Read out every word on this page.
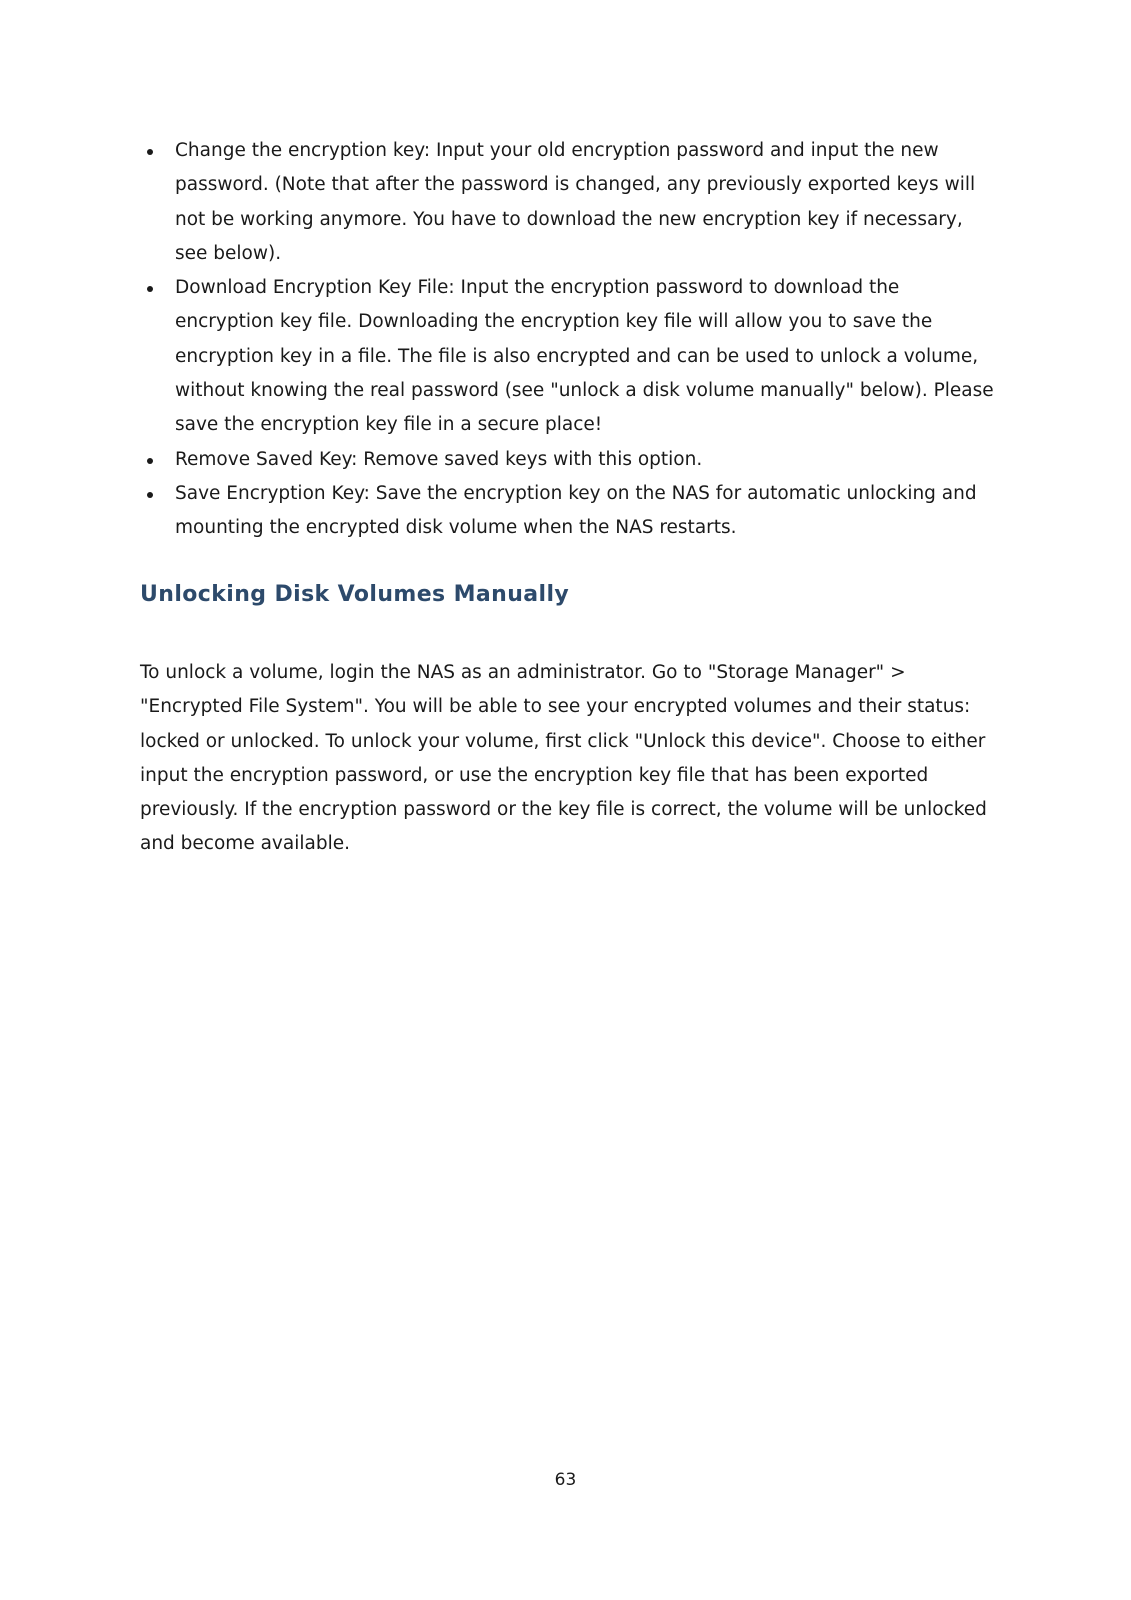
Change the encryption key: Input your old encryption password and input the new password. (Note that after the password is changed, any previously exported keys will not be working anymore. You have to download the new encryption key if necessary, see below).
Download Encryption Key File: Input the encryption password to download the encryption key file. Downloading the encryption key file will allow you to save the encryption key in a file. The file is also encrypted and can be used to unlock a volume, without knowing the real password (see "unlock a disk volume manually" below). Please save the encryption key file in a secure place!
Remove Saved Key: Remove saved keys with this option.
Save Encryption Key: Save the encryption key on the NAS for automatic unlocking and mounting the encrypted disk volume when the NAS restarts.
Unlocking Disk Volumes Manually

To unlock a volume, login the NAS as an administrator. Go to "Storage Manager" > "Encrypted File System". You will be able to see your encrypted volumes and their status: locked or unlocked. To unlock your volume, first click "Unlock this device". Choose to either input the encryption password, or use the encryption key file that has been exported previously. If the encryption password or the key file is correct, the volume will be unlocked and become available.

63
